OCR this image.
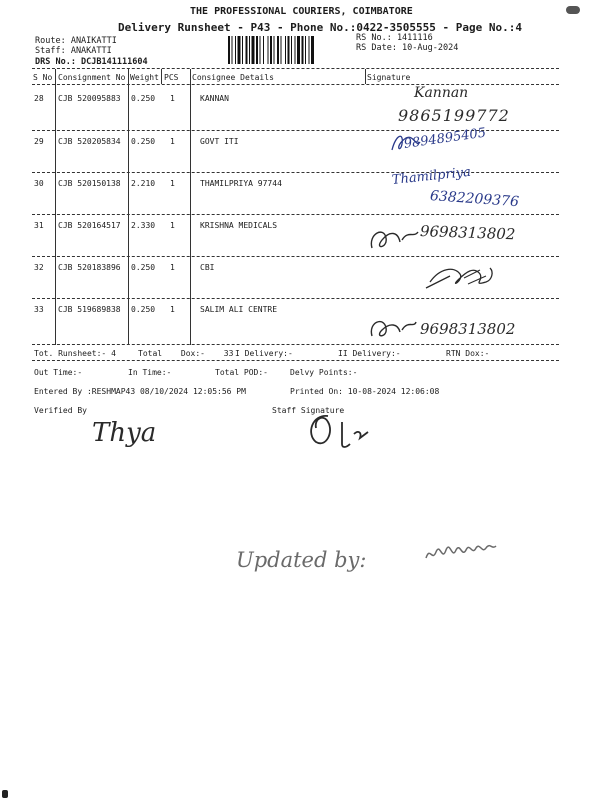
THE PROFESSIONAL COURIERS, COIMBATORE
Delivery Runsheet - P43 - Phone No.:0422-3505555 - Page No.:4
Route: ANAIKATTI
Staff: ANAKATTI
DRS No.: DCJB141111604
RS No.: 1411116
RS Date: 10-Aug-2024
S No Consignment No Weight PCS Consignee Details	Signature
28 CJB 520095883 0.250 1	KANNAN	Kannan
9865199772
29 CJB 520205834 0.250 1	GOVT ITI	9894895405
30 CJB 520150138 2.210 1	THAMILPRIYA 97744	Thamilpriya
6382209376
31 CJB 520164517 2.330 1	KRISHNA MEDICALS	9698313802
32 CJB 520183896 0.250 1	CBI
33 CJB 519689838 0.250 1	SALIM ALI CENTRE
9698313802
Tot. Runsheet:- 4	Total Dox:- 33 I Delivery:-	II Delivery:-	RTN Dox:-
Out Time:-	In Time:-	Total POD:-	Delvy Points:-
Entered By :RESHMAP43 08/10/2024 12:05:56 PM	Printed On: 10-08-2024 12:06:08
Verified By	Staff Signature
Thya
Updated by:
